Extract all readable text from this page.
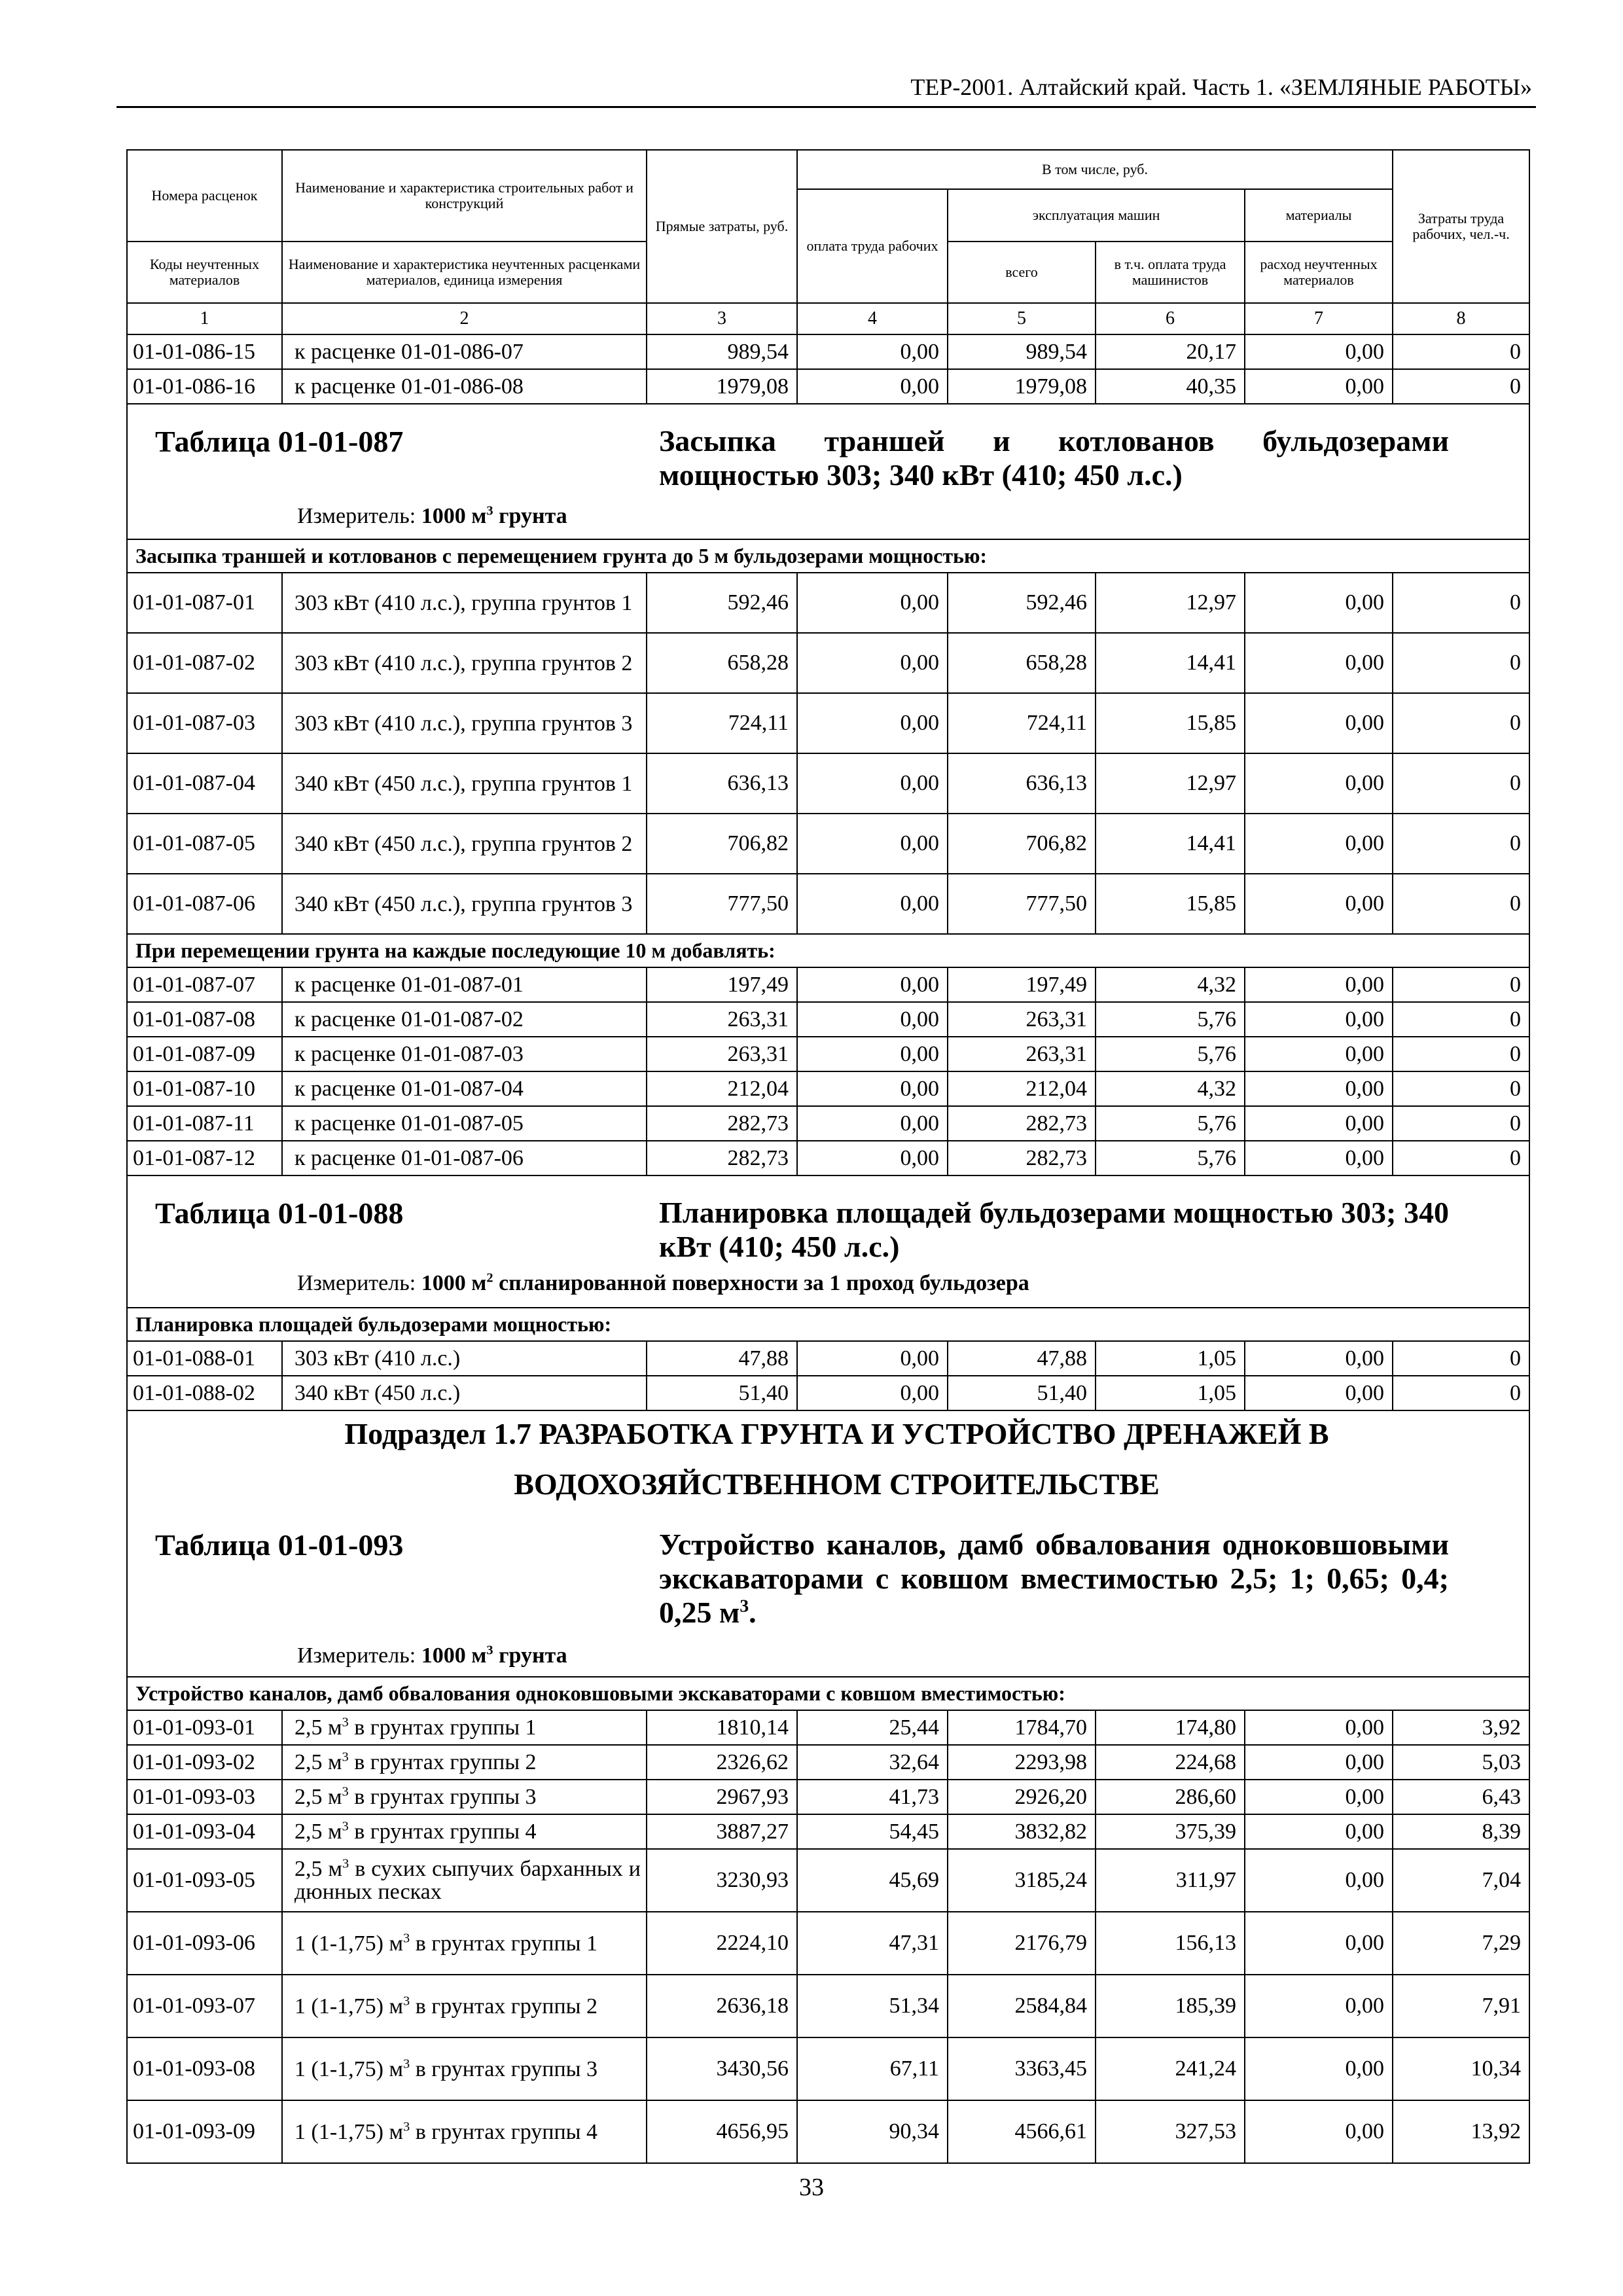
ТЕР-2001. Алтайский край. Часть 1. «ЗЕМЛЯНЫЕ РАБОТЫ»
Номера расценок	Наименование и характеристика строительных работ и конструкций	Прямые затраты, руб.	В том числе, руб.				Затраты труда рабочих, чел.-ч.
			оплата труда рабочих	эксплуатация машин		материалы	
Коды неучтенных материалов	Наименование и характеристика неучтенных расценками материалов, единица измерения			всего	в т.ч. оплата труда машинистов	расход неучтенных материалов	
1	2	3	4	5	6	7	8
01-01-086-15	к расценке 01-01-086-07	989,54	0,00	989,54	20,17	0,00	0
01-01-086-16	к расценке 01-01-086-08	1979,08	0,00	1979,08	40,35	0,00	0

Таблица 01-01-087 Засыпка траншей и котлованов бульдозерами мощностью 303; 340 кВт (410; 450 л.с.)
Измеритель: 1000 $м^3$ грунта							

Засыпка траншей и котлованов с перемещением грунта до 5 м бульдозерами мощностью:							
01-01-087-01	303 кВт (410 л.с.), группа грунтов 1	592,46	0,00	592,46	12,97	0,00	0
01-01-087-02	303 кВт (410 л.с.), группа грунтов 2	658,28	0,00	658,28	14,41	0,00	0
01-01-087-03	303 кВт (410 л.с.), группа грунтов 3	724,11	0,00	724,11	15,85	0,00	0
01-01-087-04	340 кВт (450 л.с.), группа грунтов 1	636,13	0,00	636,13	12,97	0,00	0
01-01-087-05	340 кВт (450 л.с.), группа грунтов 2	706,82	0,00	706,82	14,41	0,00	0
01-01-087-06	340 кВт (450 л.с.), группа грунтов 3	777,50	0,00	777,50	15,85	0,00	0
При перемещении грунта на каждые последующие 10 м добавлять:							
01-01-087-07	к расценке 01-01-087-01	197,49	0,00	197,49	4,32	0,00	0
01-01-087-08	к расценке 01-01-087-02	263,31	0,00	263,31	5,76	0,00	0
01-01-087-09	к расценке 01-01-087-03	263,31	0,00	263,31	5,76	0,00	0
01-01-087-10	к расценке 01-01-087-04	212,04	0,00	212,04	4,32	0,00	0
01-01-087-11	к расценке 01-01-087-05	282,73	0,00	282,73	5,76	0,00	0
01-01-087-12	к расценке 01-01-087-06	282,73	0,00	282,73	5,76	0,00	0

Таблица 01-01-088 Планировка площадей бульдозерами мощностью 303; 340 кВт (410; 450 л.с.)
Измеритель: 1000 $м^2$ спланированной поверхности за 1 проход бульдозера							

Планировка площадей бульдозерами мощностью:							
01-01-088-01	303 кВт (410 л.с.)	47,88	0,00	47,88	1,05	0,00	0
01-01-088-02	340 кВт (450 л.с.)	51,40	0,00	51,40	1,05	0,00	0

Подраздел 1.7 РАЗРАБОТКА ГРУНТА И УСТРОЙСТВО ДРЕНАЖЕЙ В
ВОДОХОЗЯЙСТВЕННОМ СТРОИТЕЛЬСТВЕ
Таблица 01-01-093 Устройство каналов, дамб обвалования одноковшовыми экскаваторами с ковшом вместимостью 2,5; 1; 0,65; 0,4; 0,25 $м^3$.
Измеритель: 1000 $м^3$ грунта							

Устройство каналов, дамб обвалования одноковшовыми экскаваторами с ковшом вместимостью:							
01-01-093-01	2,5 $м^3$ в грунтах группы 1	1810,14	25,44	1784,70	174,80	0,00	3,92
01-01-093-02	2,5 $м^3$ в грунтах группы 2	2326,62	32,64	2293,98	224,68	0,00	5,03
01-01-093-03	2,5 $м^3$ в грунтах группы 3	2967,93	41,73	2926,20	286,60	0,00	6,43
01-01-093-04	2,5 $м^3$ в грунтах группы 4	3887,27	54,45	3832,82	375,39	0,00	8,39
01-01-093-05	2,5 $м^3$ в сухих сыпучих барханных и дюнных песках	3230,93	45,69	3185,24	311,97	0,00	7,04
01-01-093-06	1 (1-1,75) $м^3$ в грунтах группы 1	2224,10	47,31	2176,79	156,13	0,00	7,29
01-01-093-07	1 (1-1,75) $м^3$ в грунтах группы 2	2636,18	51,34	2584,84	185,39	0,00	7,91
01-01-093-08	1 (1-1,75) $м^3$ в грунтах группы 3	3430,56	67,11	3363,45	241,24	0,00	10,34
01-01-093-09	1 (1-1,75) $м^3$ в грунтах группы 4	4656,95	90,34	4566,61	327,53	0,00	13,92
33
